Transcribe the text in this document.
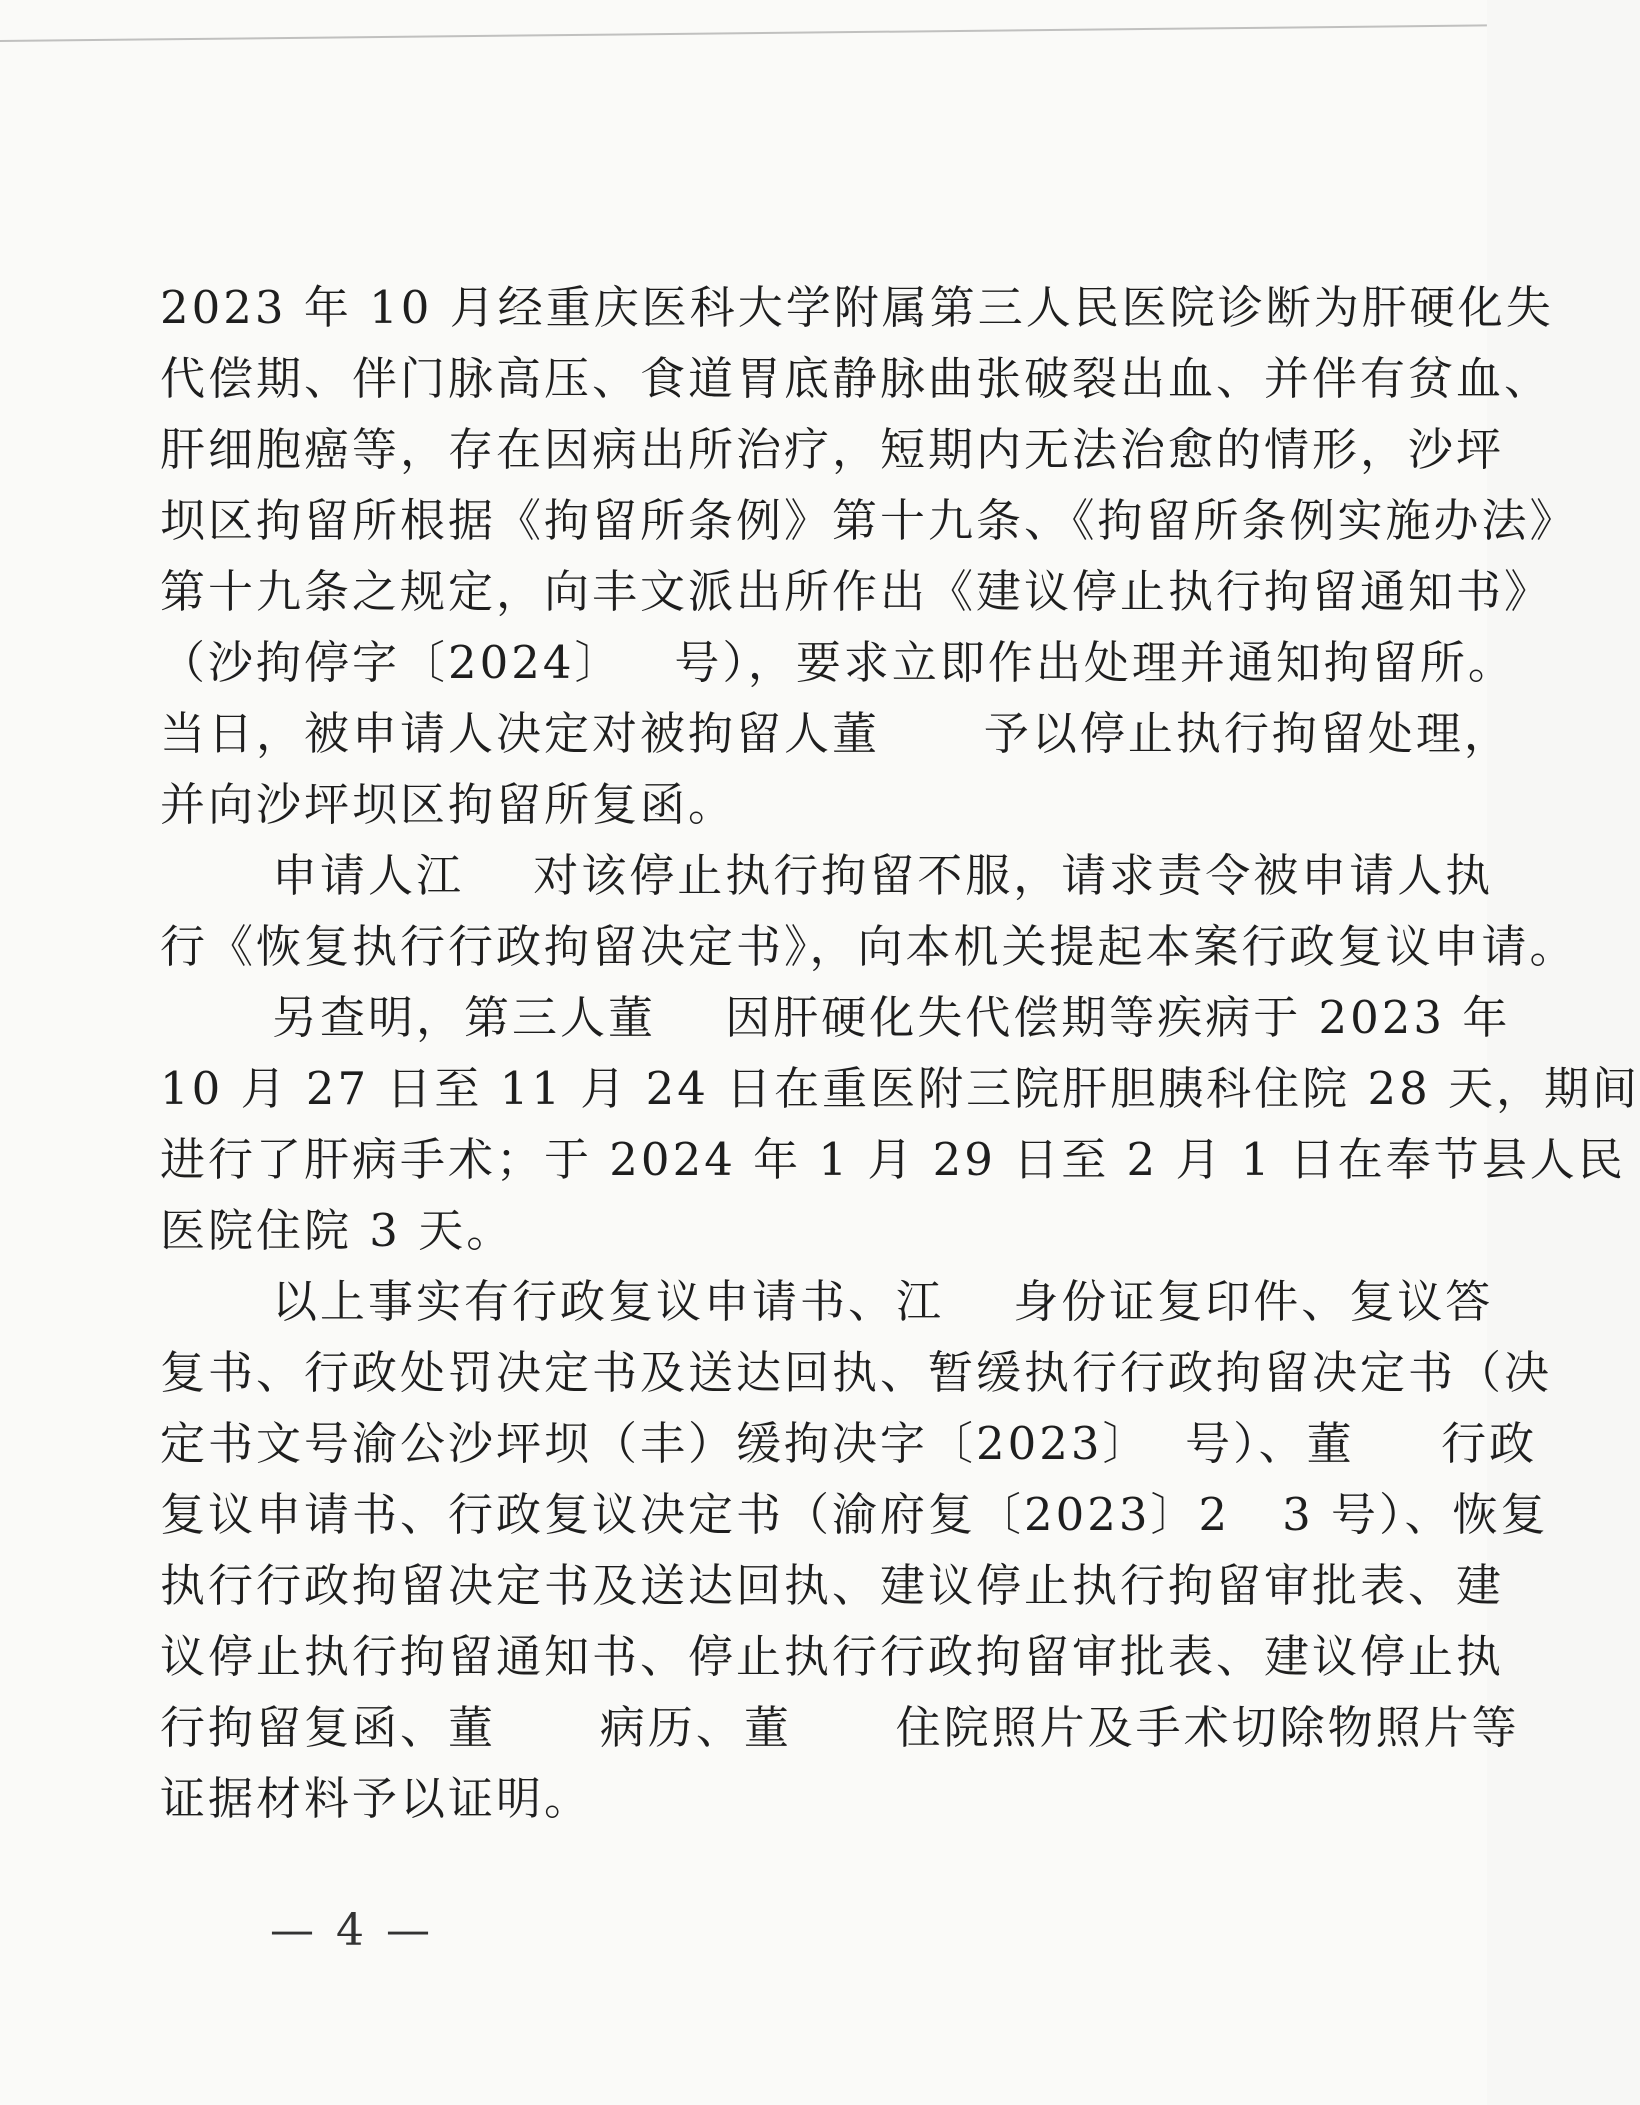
2023 年 10 月经重庆医科大学附属第三人民医院诊断为肝硬化失
代偿期、伴门脉高压、食道胃底静脉曲张破裂出血、并伴有贫血、
肝细胞癌等，存在因病出所治疗，短期内无法治愈的情形，沙坪
坝区拘留所根据《拘留所条例》第十九条、《拘留所条例实施办法》
第十九条之规定，向丰文派出所作出《建议停止执行拘留通知书》
（沙拘停字〔2024〕   号），要求立即作出处理并通知拘留所。
当日，被申请人决定对被拘留人董      予以停止执行拘留处理，
并向沙坪坝区拘留所复函。
申请人江    对该停止执行拘留不服，请求责令被申请人执
行《恢复执行行政拘留决定书》，向本机关提起本案行政复议申请。
另查明，第三人董    因肝硬化失代偿期等疾病于 2023 年
10 月 27 日至 11 月 24 日在重医附三院肝胆胰科住院 28 天，期间
进行了肝病手术；于 2024 年 1 月 29 日至 2 月 1 日在奉节县人民
医院住院 3 天。
以上事实有行政复议申请书、江    身份证复印件、复议答
复书、行政处罚决定书及送达回执、暂缓执行行政拘留决定书（决
定书文号渝公沙坪坝（丰）缓拘决字〔2023〕  号）、董     行政
复议申请书、行政复议决定书（渝府复〔2023〕2   3 号）、恢复
执行行政拘留决定书及送达回执、建议停止执行拘留审批表、建
议停止执行拘留通知书、停止执行行政拘留审批表、建议停止执
行拘留复函、董      病历、董      住院照片及手术切除物照片等
证据材料予以证明。
— 4 —
